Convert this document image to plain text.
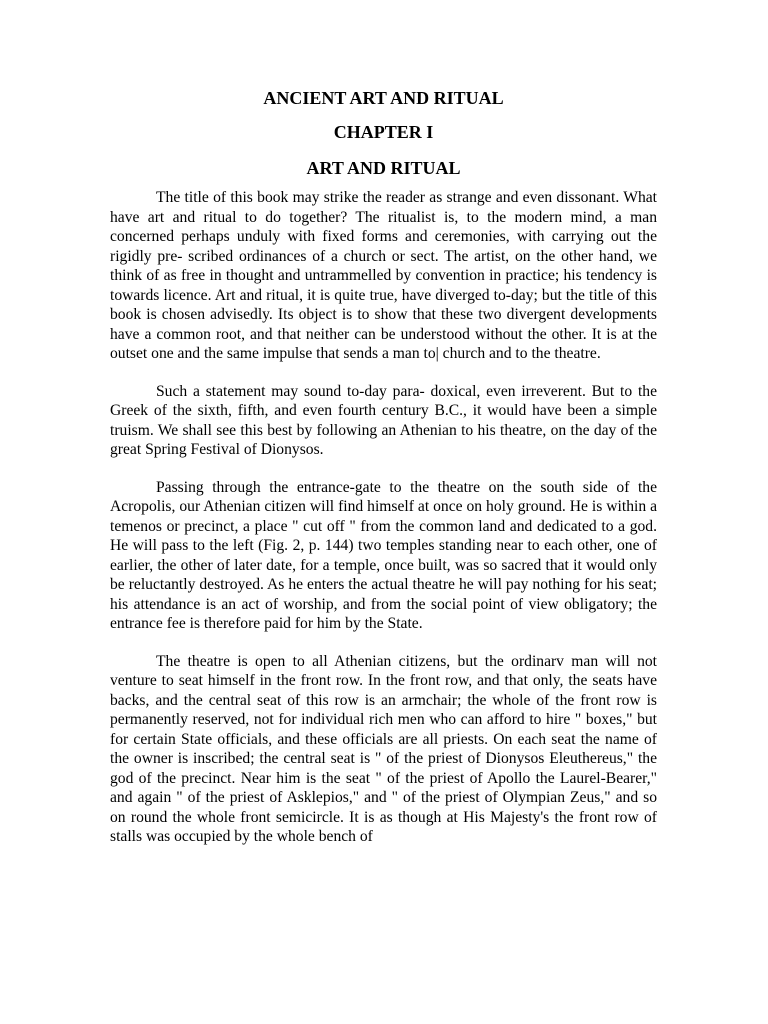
ANCIENT ART AND RITUAL
CHAPTER I
ART AND RITUAL

The title of this book may strike the reader as strange and even dissonant. What have art and ritual to do together? The ritualist is, to the modern mind, a man concerned perhaps unduly with fixed forms and ceremonies, with carrying out the rigidly pre- scribed ordinances of a church or sect. The artist, on the other hand, we think of as free in thought and untrammelled by convention in practice; his tendency is towards licence. Art and ritual, it is quite true, have diverged to-day; but the title of this book is chosen advisedly. Its object is to show that these two divergent developments have a common root, and that neither can be understood without the other. It is at the outset one and the same impulse that sends a man to| church and to the theatre.

Such a statement may sound to-day para- doxical, even irreverent. But to the Greek of the sixth, fifth, and even fourth century B.C., it would have been a simple truism. We shall see this best by following an Athenian to his theatre, on the day of the great Spring Festival of Dionysos.

Passing through the entrance-gate to the theatre on the south side of the Acropolis, our Athenian citizen will find himself at once on holy ground. He is within a temenos or precinct, a place " cut off " from the common land and dedicated to a god. He will pass to the left (Fig. 2, p. 144) two temples standing near to each other, one of earlier, the other of later date, for a temple, once built, was so sacred that it would only be reluctantly destroyed. As he enters the actual theatre he will pay nothing for his seat; his attendance is an act of worship, and from the social point of view obligatory; the entrance fee is therefore paid for him by the State.

The theatre is open to all Athenian citizens, but the ordinarv man will not venture to seat himself in the front row. In the front row, and that only, the seats have backs, and the central seat of this row is an armchair; the whole of the front row is permanently reserved, not for individual rich men who can afford to hire " boxes," but for certain State officials, and these officials are all priests. On each seat the name of the owner is inscribed; the central seat is " of the priest of Dionysos Eleuthereus," the god of the precinct. Near him is the seat " of the priest of Apollo the Laurel-Bearer," and again " of the priest of Asklepios," and " of the priest of Olympian Zeus," and so on round the whole front semicircle. It is as though at His Majesty's the front row of stalls was occupied by the whole bench of
